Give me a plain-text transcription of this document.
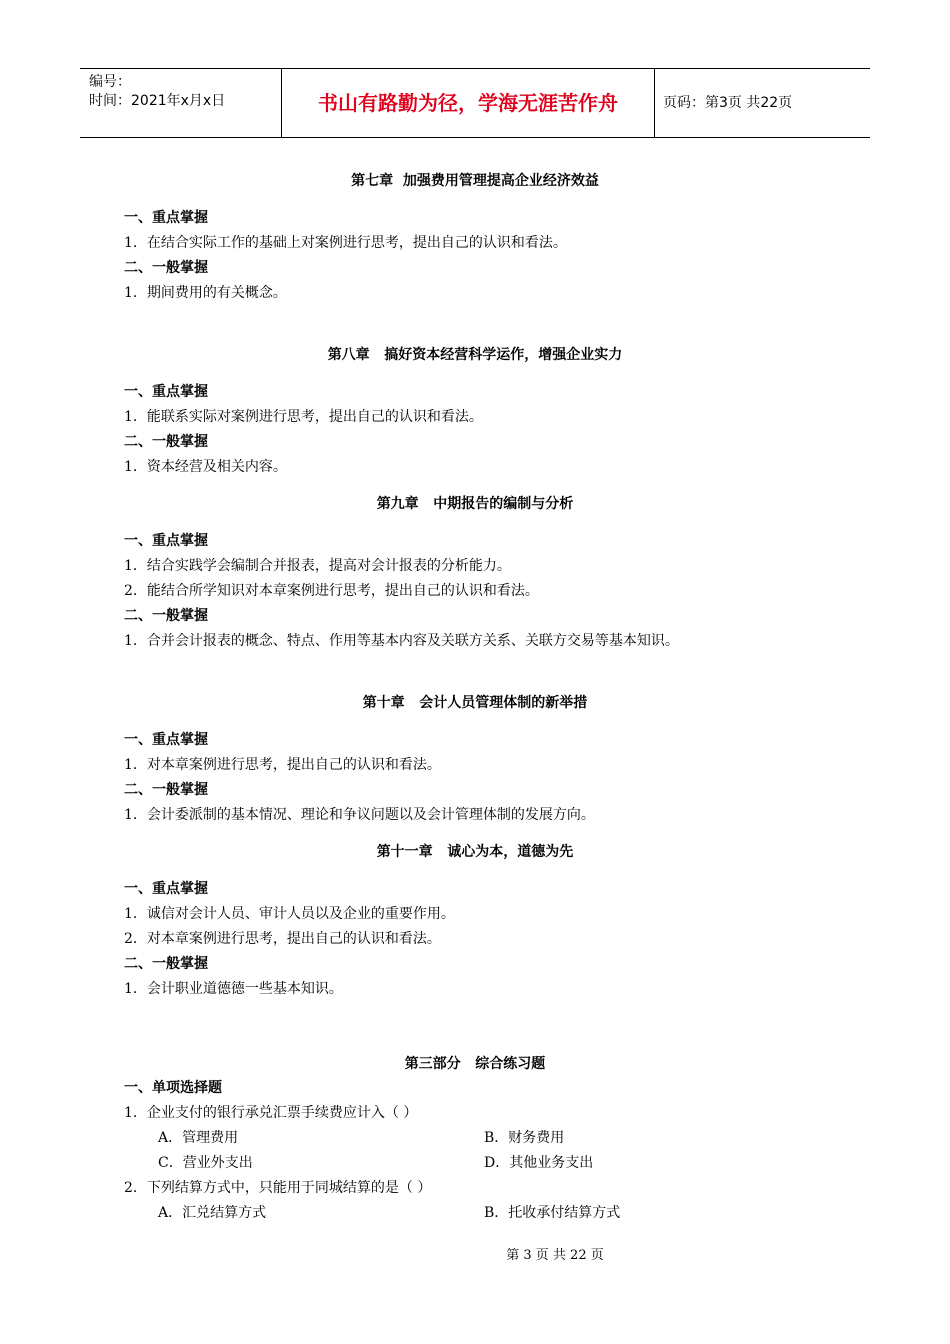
编号：
时间：2021年x月x日	书山有路勤为径，学海无涯苦作舟	页码：第3页 共22页
第七章  加强费用管理提高企业经济效益
一、重点掌握
1．在结合实际工作的基础上对案例进行思考，提出自己的认识和看法。
二、一般掌握
1．期间费用的有关概念。
第八章   搞好资本经营科学运作，增强企业实力
一、重点掌握
1．能联系实际对案例进行思考，提出自己的认识和看法。
二、一般掌握
1．资本经营及相关内容。
第九章   中期报告的编制与分析
一、重点掌握
1．结合实践学会编制合并报表，提高对会计报表的分析能力。
2．能结合所学知识对本章案例进行思考，提出自己的认识和看法。
二、一般掌握
1．合并会计报表的概念、特点、作用等基本内容及关联方关系、关联方交易等基本知识。
第十章   会计人员管理体制的新举措
一、重点掌握
1．对本章案例进行思考，提出自己的认识和看法。
二、一般掌握
1．会计委派制的基本情况、理论和争议问题以及会计管理体制的发展方向。
第十一章   诚心为本，道德为先
一、重点掌握
1．诚信对会计人员、审计人员以及企业的重要作用。
2．对本章案例进行思考，提出自己的认识和看法。
二、一般掌握
1．会计职业道德德一些基本知识。
第三部分   综合练习题
一、单项选择题
1．企业支付的银行承兑汇票手续费应计入（ ）
A．管理费用	B．财务费用
C．营业外支出	D．其他业务支出
2．下列结算方式中，只能用于同城结算的是（ ）
A．汇兑结算方式	B．托收承付结算方式
第 3 页 共 22 页
